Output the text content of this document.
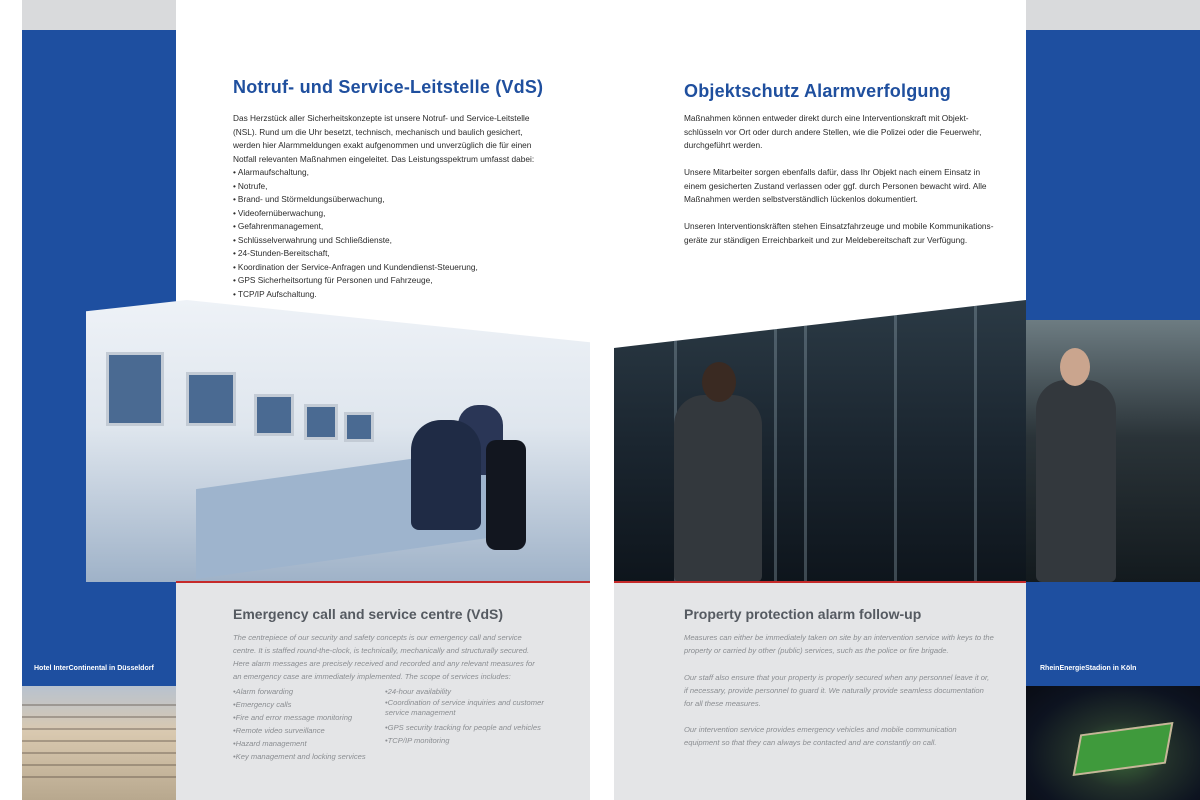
Hotel InterContinental in Düsseldorf	RheinEnergieStadion in Köln
Notruf- und Service-Leitstelle (VdS)

Das Herzstück aller Sicherheitskonzepte ist unsere Notruf- und Service-Leitstelle (NSL). Rund um die Uhr besetzt, technisch, mechanisch und baulich gesichert, werden hier Alarmmeldungen exakt aufgenommen und unverzüglich die für einen Notfall relevanten Maßnahmen eingeleitet. Das Leistungsspektrum umfasst dabei:

• Alarmaufschaltung,
• Notrufe,
• Brand- und Störmeldungsüberwachung,
• Videofernüberwachung,
• Gefahrenmanagement,
• Schlüsselverwahrung und Schließdienste,
• 24-Stunden-Bereitschaft,
• Koordination der Service-Anfragen und Kundendienst-Steuerung,
• GPS Sicherheitsortung für Personen und Fahrzeuge,
• TCP/IP Aufschaltung.
Emergency call and service centre (VdS)
The centrepiece of our security and safety concepts is our emergency call and service centre. It is staffed round-the-clock, is technically, mechanically and structurally secured. Here alarm messages are precisely received and recorded and any relevant measures for an emergency case are immediately implemented. The scope of services includes:
• Alarm forwarding
• Emergency calls
• Fire and error message monitoring
• Remote video surveillance
• Hazard management
• Key management and locking services
• 24-hour availability
• Coordination of service inquiries and customer service management
• GPS security tracking for people and vehicles
• TCP/IP monitoring
Objektschutz Alarmverfolgung

Maßnahmen können entweder direkt durch eine Interventionskraft mit Objekt-schlüsseln vor Ort oder durch andere Stellen, wie die Polizei oder die Feuerwehr, durchgeführt werden.

Unsere Mitarbeiter sorgen ebenfalls dafür, dass Ihr Objekt nach einem Einsatz in einem gesicherten Zustand verlassen oder ggf. durch Personen bewacht wird. Alle Maßnahmen werden selbstverständlich lückenlos dokumentiert.

Unseren Interventionskräften stehen Einsatzfahrzeuge und mobile Kommunikations-geräte zur ständigen Erreichbarkeit und zur Meldebereitschaft zur Verfügung.

Property protection alarm follow-up

Measures can either be immediately taken on site by an intervention service with keys to the property or carried by other (public) services, such as the police or fire brigade.

Our staff also ensure that your property is properly secured when any personnel leave it or, if necessary, provide personnel to guard it. We naturally provide seamless documentation for all these measures.

Our intervention service provides emergency vehicles and mobile communication equipment so that they can always be contacted and are constantly on call.
